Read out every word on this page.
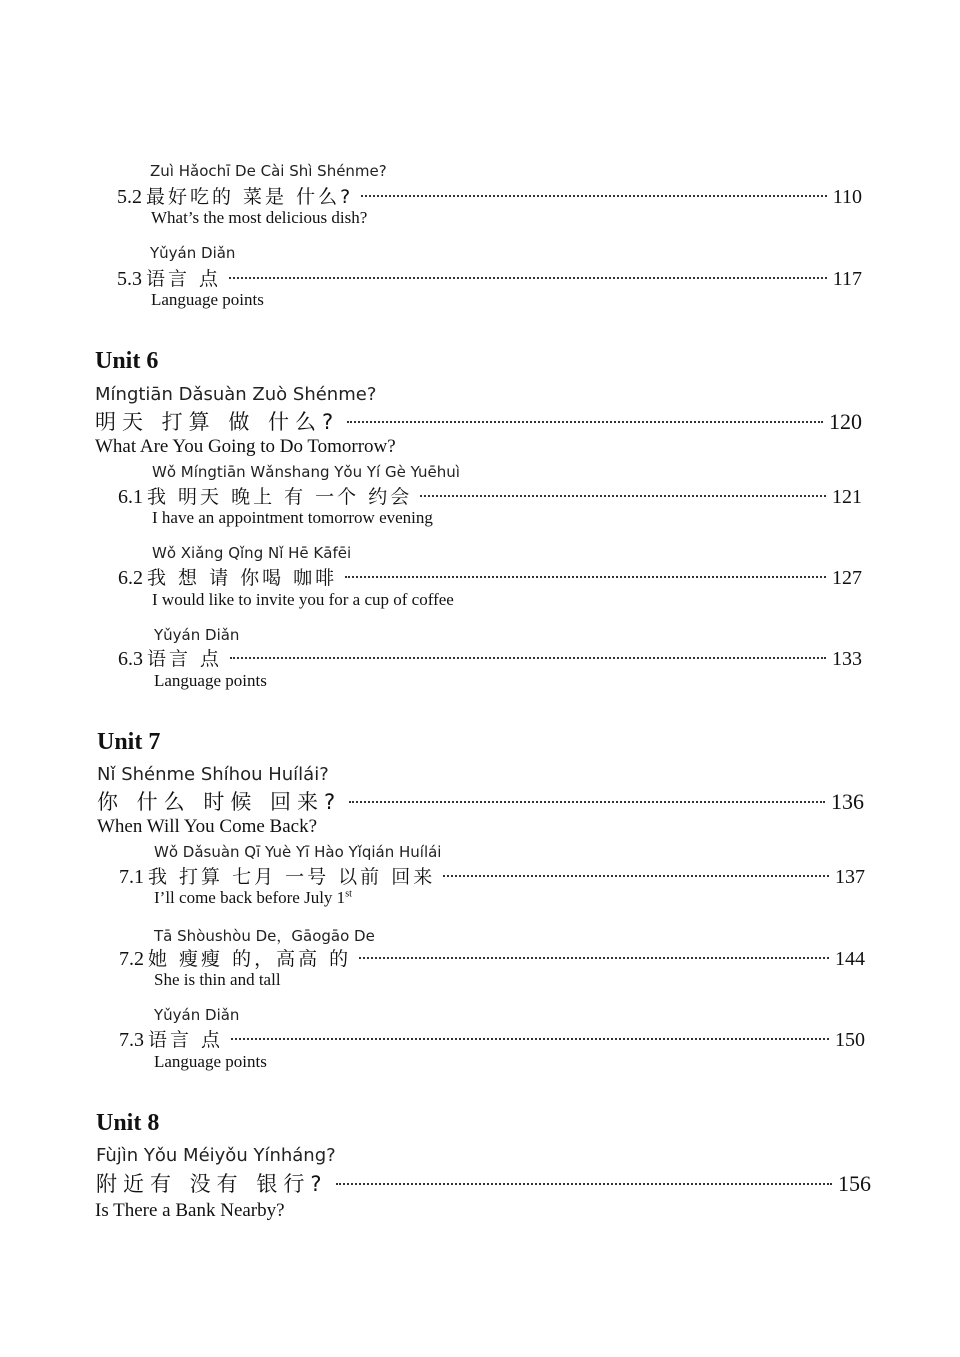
Zuì Hǎochī De Cài Shì Shénme?
5.2 最好吃的 菜是 什么?	110
What’s the most delicious dish?
Yǔyán Diǎn
5.3 语言 点	117
Language points
Unit 6
Míngtiān Dǎsuàn Zuò Shénme?
明天 打算 做 什么?	120
What Are You Going to Do Tomorrow?
Wǒ Míngtiān Wǎnshang Yǒu Yí Gè Yuēhuì
6.1 我 明天 晚上 有 一个 约会	121
I have an appointment tomorrow evening
Wǒ Xiǎng Qǐng Nǐ Hē Kāfēi
6.2 我 想 请 你喝 咖啡	127
I would like to invite you for a cup of coffee
Yǔyán Diǎn
6.3 语言 点	133
Language points
Unit 7
Nǐ Shénme Shíhou Huílái?
你 什么 时候 回来?	136
When Will You Come Back?
Wǒ Dǎsuàn Qī Yuè Yī Hào Yǐqián Huílái
7.1 我 打算 七月 一号 以前 回来	137
I’ll come back before July 1st
Tā Shòushòu De，Gāogāo De
7.2 她 瘦瘦 的，高高 的	144
She is thin and tall
Yǔyán Diǎn
7.3 语言 点	150
Language points
Unit 8
Fùjìn Yǒu Méiyǒu Yínháng?
附近有 没有 银行?	156
Is There a Bank Nearby?
